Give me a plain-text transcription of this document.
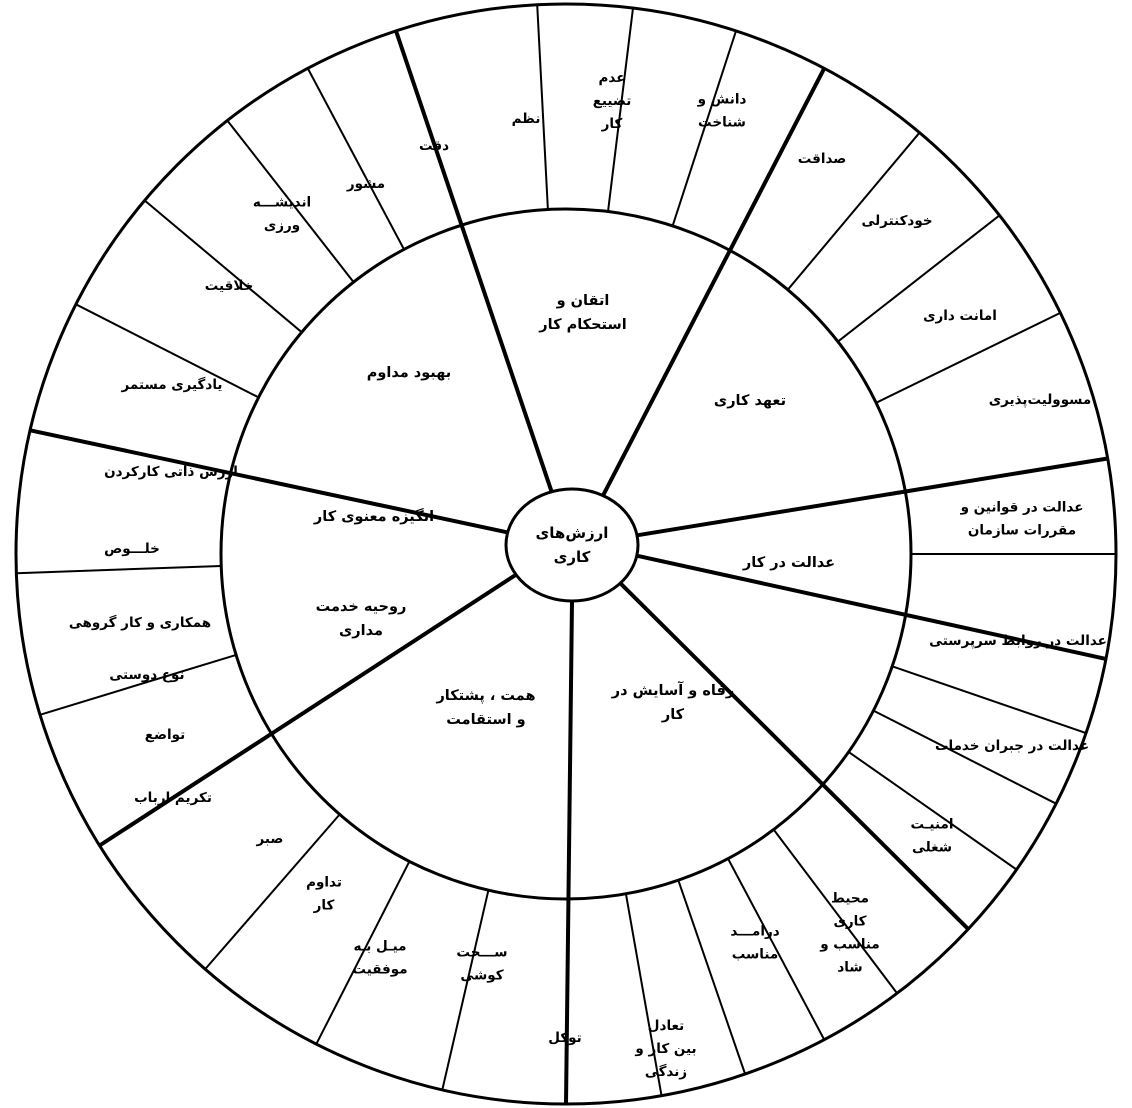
ارزش‌های کاری
اتقان و استحکام کار
عدم تضییع کار
نظم
دقت
بهبود مداوم
مشور
اندیشـــه ورزی
خلاقیت
یادگیری مستمر
انگیزه معنوی کار
ارزش ذاتی کارکردن
خلـــوص
روحیه خدمت مداری
همکاری و کار گروهی
نوع دوستی
تواضع
تکریم ارباب
همت ، پشتکار و استقامت
صبر
تداوم کار
میـل بـه موفقیت
ســـخت کوشی
توکل
رفاه و آسایش در کار
تعادل بین کار و زندگی
درامـــد مناسب
محیط کاری مناسب و شاد
امنیـت شغلی
عدالت در کار
عدالت در جبران خدمات
عدالت در روابط سرپرستی
عدالت در قوانین و مقررات سازمان
تعهد کاری	مسوولیت‌پذیری
امانت داری
خودکنترلی
صداقت
دانش و شناخت
